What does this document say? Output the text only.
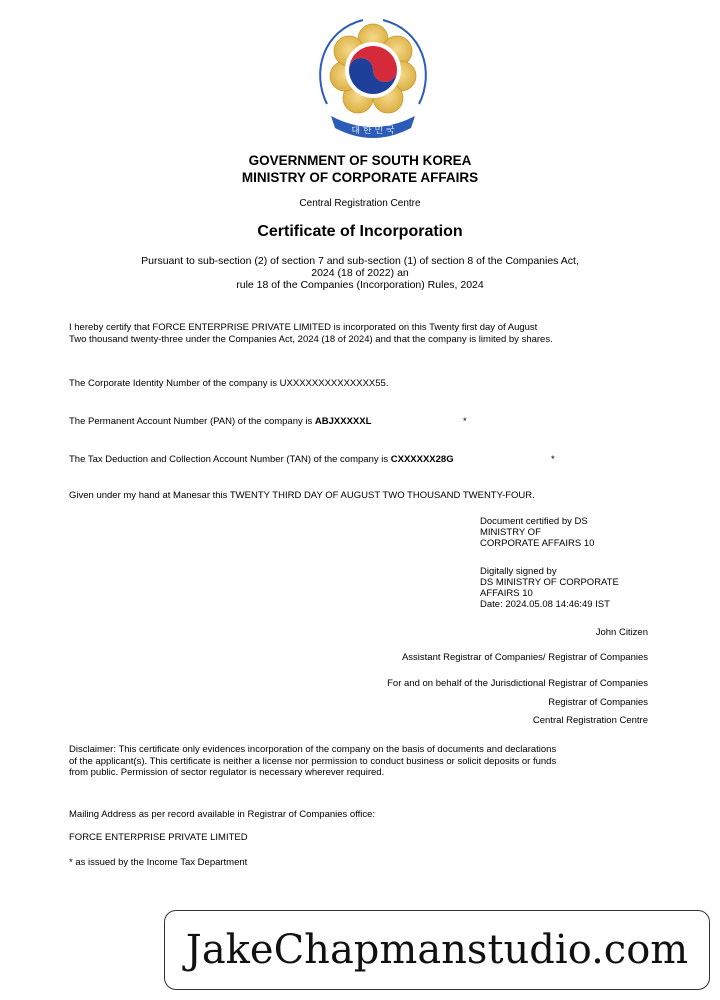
대 한 민 국
GOVERNMENT OF SOUTH KOREA
MINISTRY OF CORPORATE AFFAIRS
Central Registration Centre
Certificate of Incorporation
Pursuant to sub-section (2) of section 7 and sub-section (1) of section 8 of the Companies Act,
2024 (18 of 2022) an
rule 18 of the Companies (Incorporation) Rules, 2024
I hereby certify that FORCE ENTERPRISE PRIVATE LIMITED is incorporated on this Twenty first day of August
Two thousand twenty-three under the Companies Act, 2024 (18 of 2024) and that the company is limited by shares.
The Corporate Identity Number of the company is UXXXXXXXXXXXXXX55.
The Permanent Account Number (PAN) of the company is ABJXXXXXL	*
The Tax Deduction and Collection Account Number (TAN) of the company is CXXXXXX28G	*
Given under my hand at Manesar this TWENTY THIRD DAY OF AUGUST TWO THOUSAND TWENTY-FOUR.
Document certified by DS
MINISTRY OF
CORPORATE AFFAIRS 10
Digitally signed by
DS MINISTRY OF CORPORATE
AFFAIRS 10
Date: 2024.05.08 14:46:49 IST
John Citizen
Assistant Registrar of Companies/ Registrar of Companies
For and on behalf of the Jurisdictional Registrar of Companies
Registrar of Companies
Central Registration Centre
Disclaimer: This certificate only evidences incorporation of the company on the basis of documents and declarations
of the applicant(s). This certificate is neither a license nor permission to conduct business or solicit deposits or funds
from public. Permission of sector regulator is necessary wherever required.
Mailing Address as per record available in Registrar of Companies office:
FORCE ENTERPRISE PRIVATE LIMITED
* as issued by the Income Tax Department
JakeChapmanstudio.com
